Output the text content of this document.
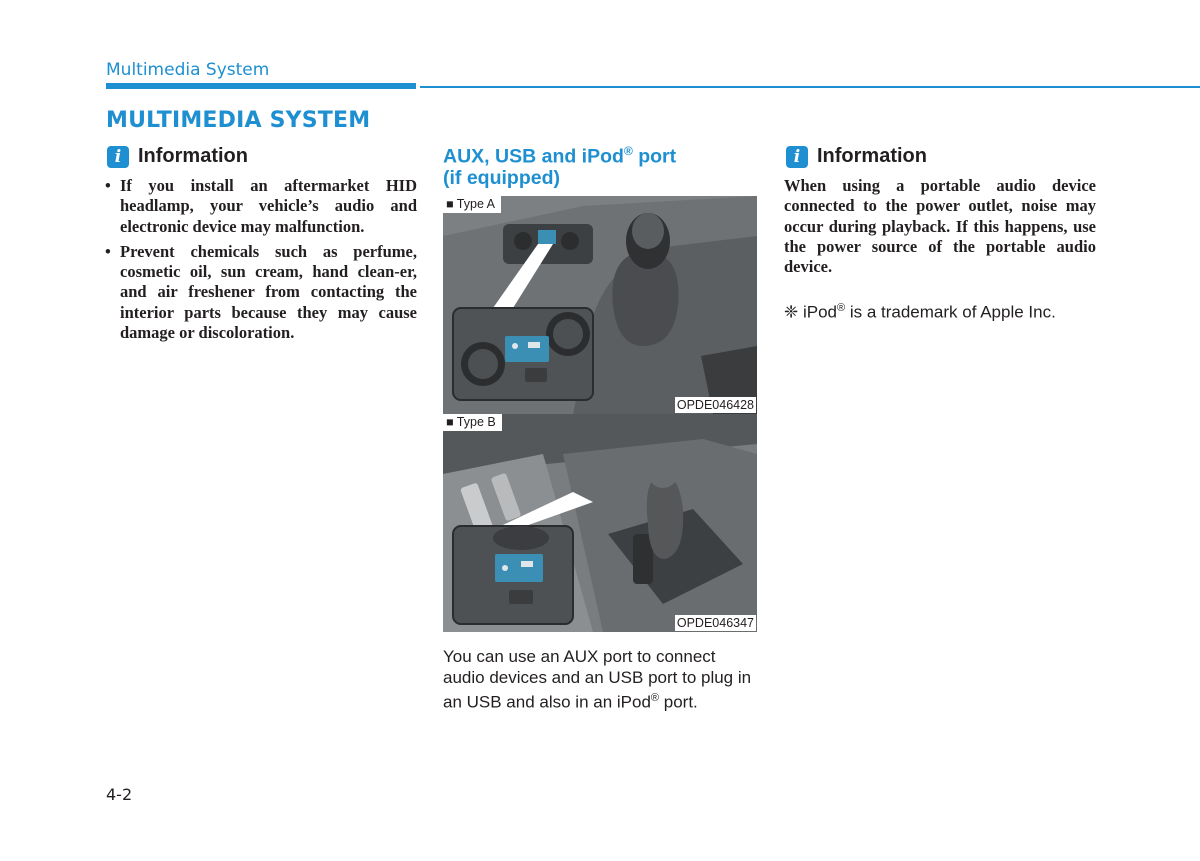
Multimedia System
MULTIMEDIA SYSTEM
i Information
• If you install an aftermarket HID headlamp, your vehicle’s audio and electronic device may malfunction.
• Prevent chemicals such as perfume, cosmetic oil, sun cream, hand clean-er, and air freshener from contacting the interior parts because they may cause damage or discoloration.
AUX, USB and iPod® port
(if equipped)
■ Type A
OPDE046428
■ Type B
OPDE046347
You can use an AUX port to connect audio devices and an USB port to plug in an USB and also in an iPod® port.
i Information
When using a portable audio device connected to the power outlet, noise may occur during playback. If this happens, use the power source of the portable audio device.
❈ iPod® is a trademark of Apple Inc.
4-2
